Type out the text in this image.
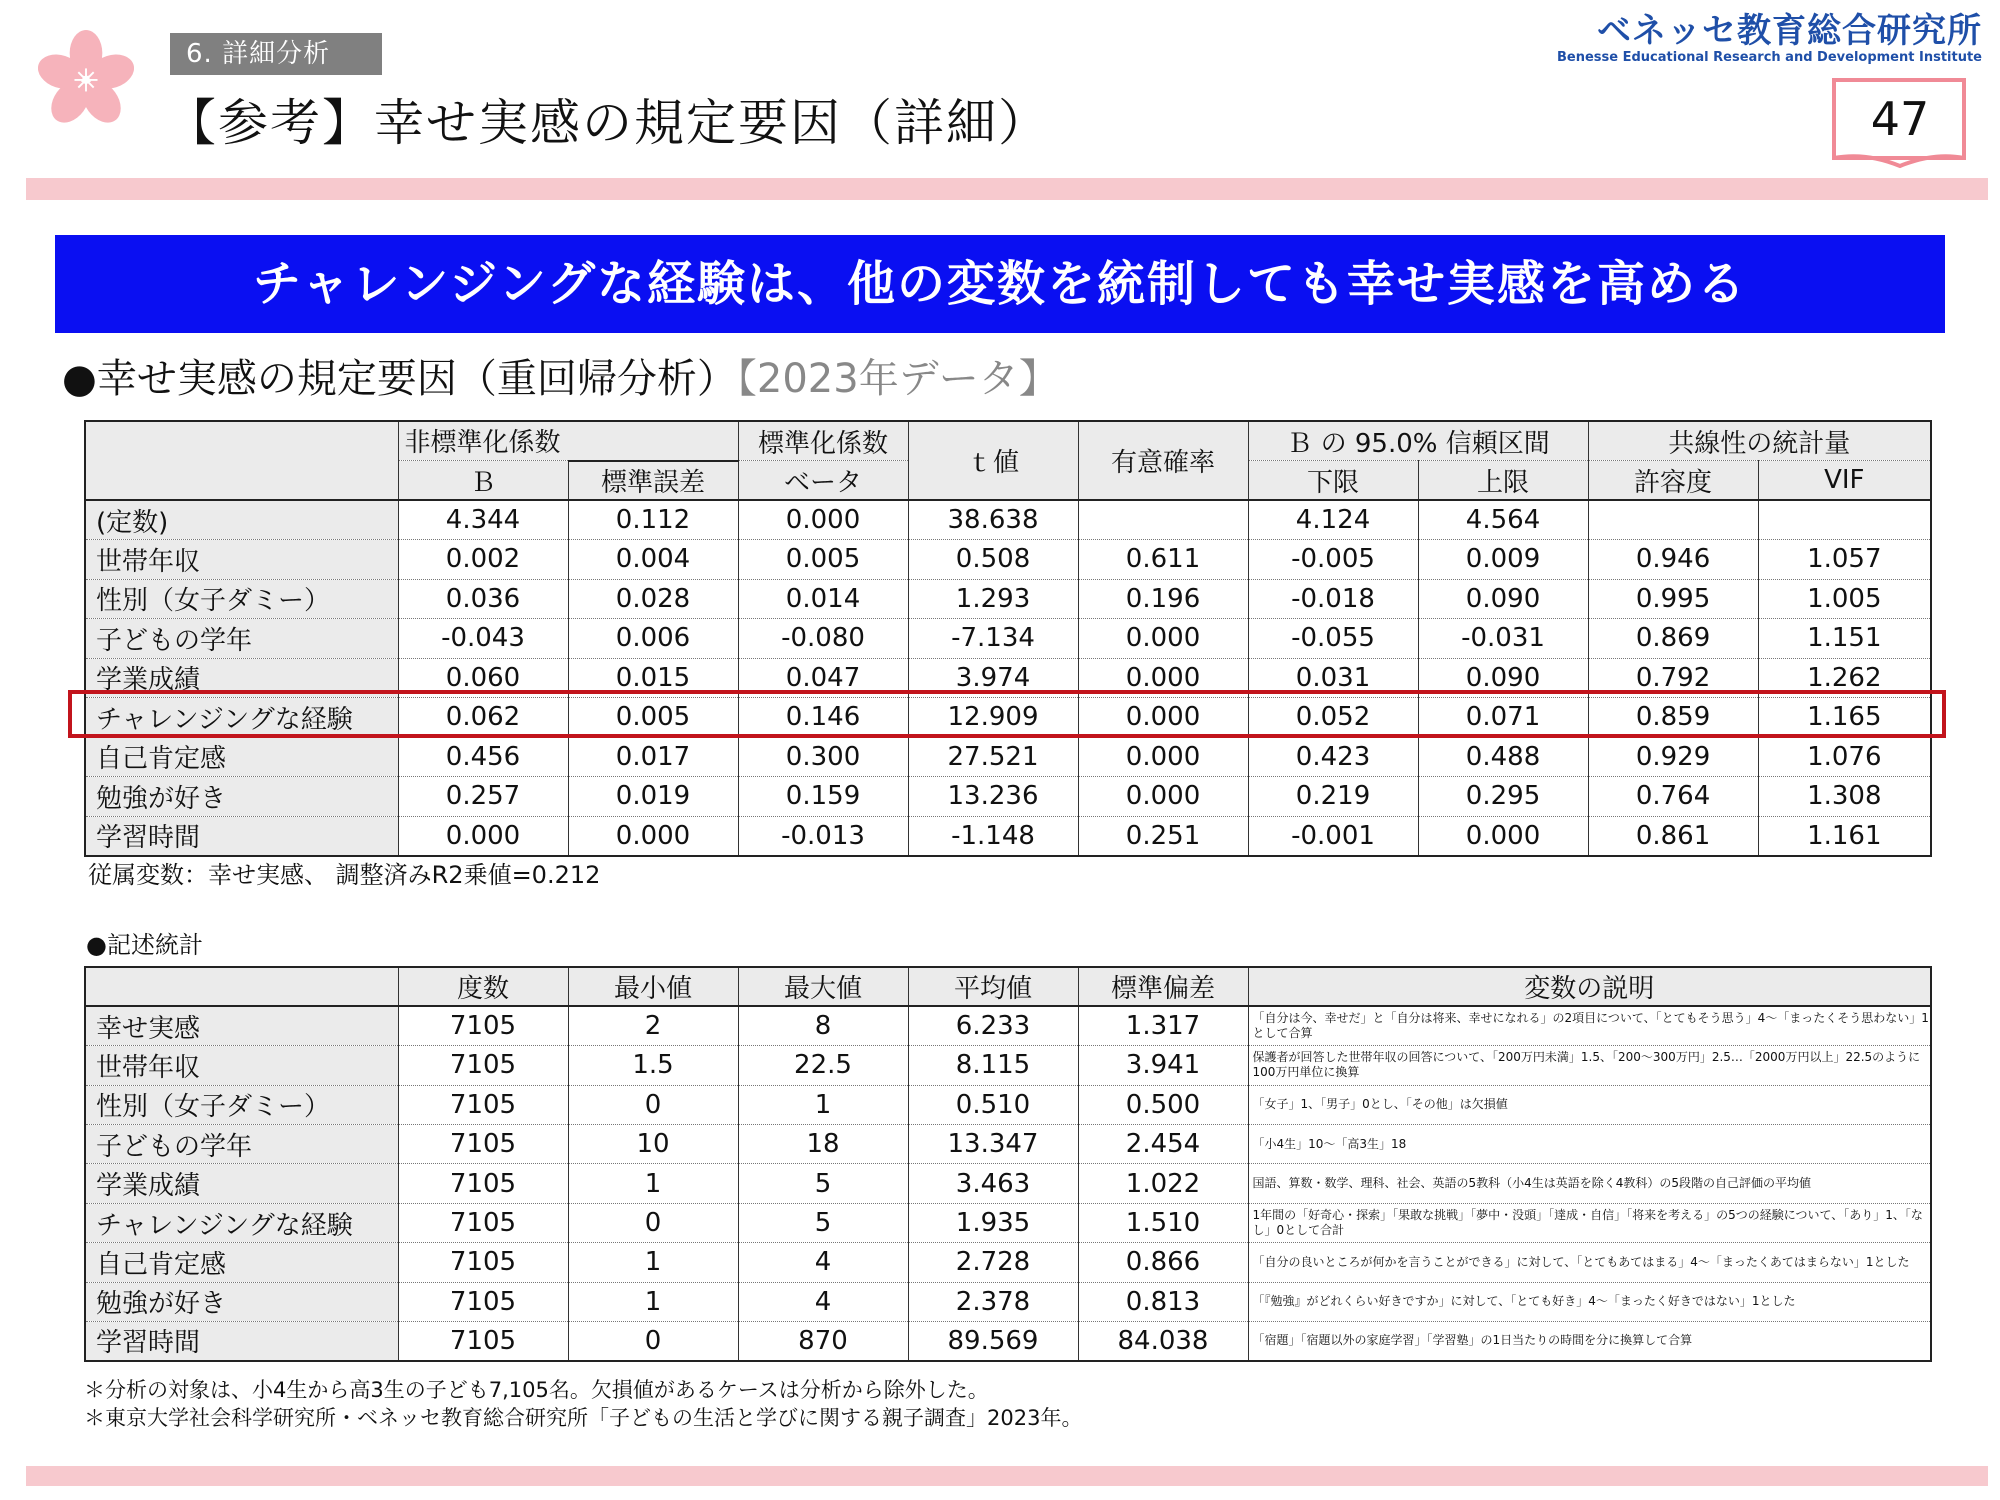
6. 詳細分析
【参考】幸せ実感の規定要因（詳細）
ベネッセ教育総合研究所
Benesse Educational Research and Development Institute
47
チャレンジングな経験は、他の変数を統制しても幸せ実感を高める
●幸せ実感の規定要因（重回帰分析）【2023年データ】
	非標準化係数		標準化係数	ｔ値	有意確率	Ｂ の 95.0% 信頼区間		共線性の統計量	
	Ｂ	標準誤差	ベータ			下限	上限	許容度	VIF
(定数)	4.344	0.112	0.000	38.638		4.124	4.564		
世帯年収	0.002	0.004	0.005	0.508	0.611	-0.005	0.009	0.946	1.057
性別（女子ダミー）	0.036	0.028	0.014	1.293	0.196	-0.018	0.090	0.995	1.005
子どもの学年	-0.043	0.006	-0.080	-7.134	0.000	-0.055	-0.031	0.869	1.151
学業成績	0.060	0.015	0.047	3.974	0.000	0.031	0.090	0.792	1.262
チャレンジングな経験	0.062	0.005	0.146	12.909	0.000	0.052	0.071	0.859	1.165
自己肯定感	0.456	0.017	0.300	27.521	0.000	0.423	0.488	0.929	1.076
勉強が好き	0.257	0.019	0.159	13.236	0.000	0.219	0.295	0.764	1.308
学習時間	0.000	0.000	-0.013	-1.148	0.251	-0.001	0.000	0.861	1.161
従属変数：幸せ実感、 調整済みR2乗値=0.212
●記述統計
	度数	最小値	最大値	平均値	標準偏差	変数の説明
幸せ実感	7105	2	8	6.233	1.317	「自分は今、幸せだ」と「自分は将来、幸せになれる」の2項目について、「とてもそう思う」4～「まったくそう思わない」1として合算
世帯年収	7105	1.5	22.5	8.115	3.941	保護者が回答した世帯年収の回答について、「200万円未満」1.5、「200～300万円」2.5…「2000万円以上」22.5のように100万円単位に換算
性別（女子ダミー）	7105	0	1	0.510	0.500	「女子」1、「男子」0とし、「その他」は欠損値
子どもの学年	7105	10	18	13.347	2.454	「小4生」10～「高3生」18
学業成績	7105	1	5	3.463	1.022	国語、算数・数学、理科、社会、英語の5教科（小4生は英語を除く4教科）の5段階の自己評価の平均値
チャレンジングな経験	7105	0	5	1.935	1.510	1年間の「好奇心・探索」「果敢な挑戦」「夢中・没頭」「達成・自信」「将来を考える」の5つの経験について、「あり」1、「なし」0として合計
自己肯定感	7105	1	4	2.728	0.866	「自分の良いところが何かを言うことができる」に対して、「とてもあてはまる」4～「まったくあてはまらない」1とした
勉強が好き	7105	1	4	2.378	0.813	「『勉強』がどれくらい好きですか」に対して、「とても好き」4～「まったく好きではない」1とした
学習時間	7105	0	870	89.569	84.038	「宿題」「宿題以外の家庭学習」「学習塾」の1日当たりの時間を分に換算して合算
＊分析の対象は、小4生から高3生の子ども7,105名。欠損値があるケースは分析から除外した。
＊東京大学社会科学研究所・ベネッセ教育総合研究所「子どもの生活と学びに関する親子調査」2023年。
